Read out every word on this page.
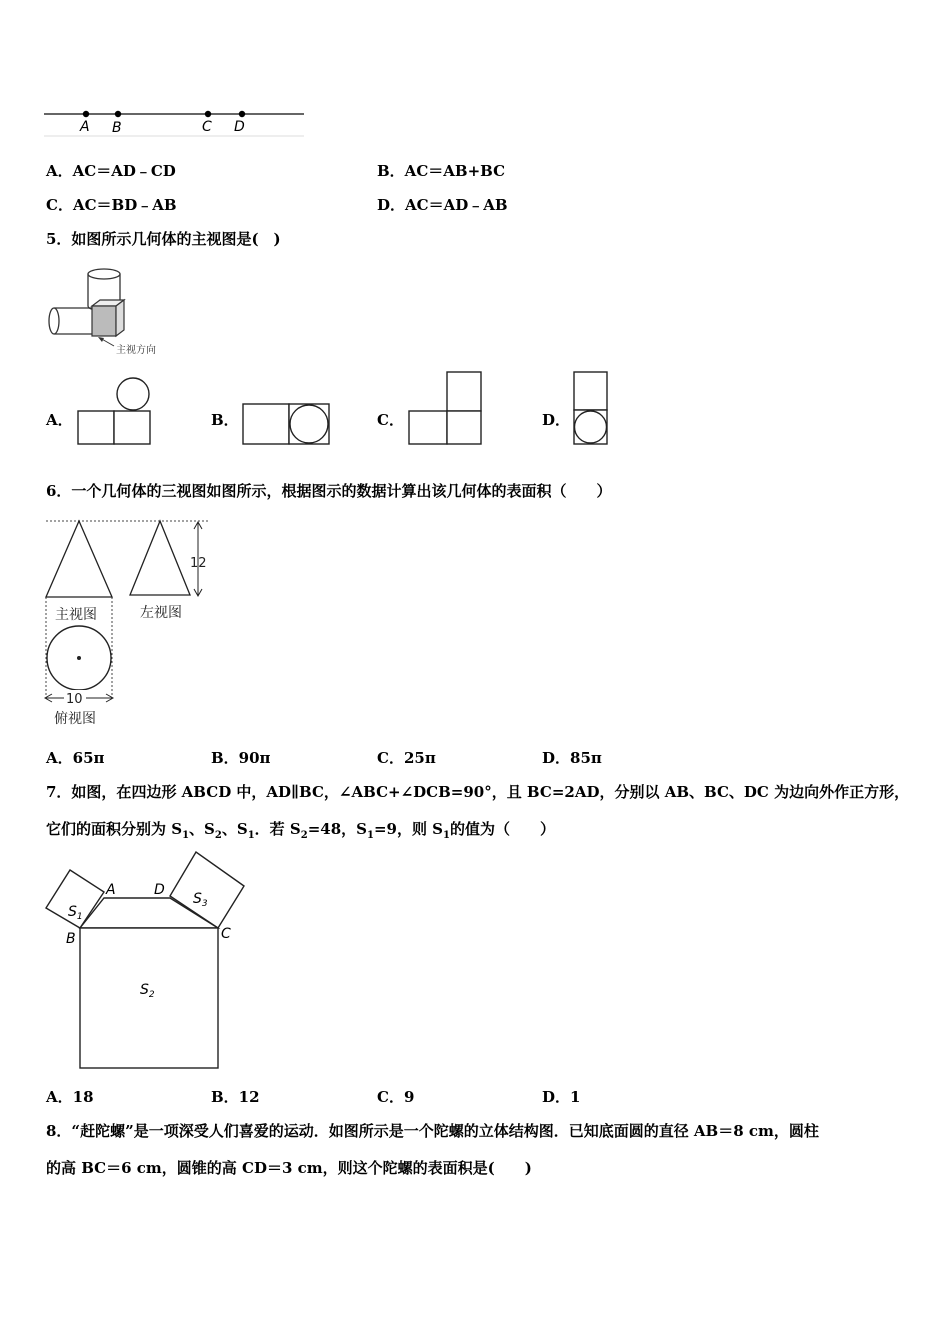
A B	C D
A．AC＝AD﹣CD	B．AC＝AB+BC
C．AC＝BD﹣AB	D．AC＝AD﹣AB
5．如图所示几何体的主视图是(　)
主视方向
A．	B．	C．	D．
6．一个几何体的三视图如图所示，根据图示的数据计算出该几何体的表面积（　　）
主视图	左视图
12
10
俯视图
A．65π	B．90π	C．25π	D．85π
7．如图，在四边形 ABCD 中，AD∥BC，∠ABC+∠DCB=90°，且 BC=2AD，分别以 AB、BC、DC 为边向外作正方形，
它们的面积分别为 $S_1$、$S_2$、$S_1$．若 $S_2=48$，$S_1=9$，则 $S_1$的值为（　　）
A	D
B	C
$S_1$
$S_3$
$S_2$
A．18	B．12	C．9	D．1
8．“赶陀螺”是一项深受人们喜爱的运动．如图所示是一个陀螺的立体结构图．已知底面圆的直径 AB＝8 cm，圆柱
的高 BC＝6 cm，圆锥的高 CD＝3 cm，则这个陀螺的表面积是(　　)
